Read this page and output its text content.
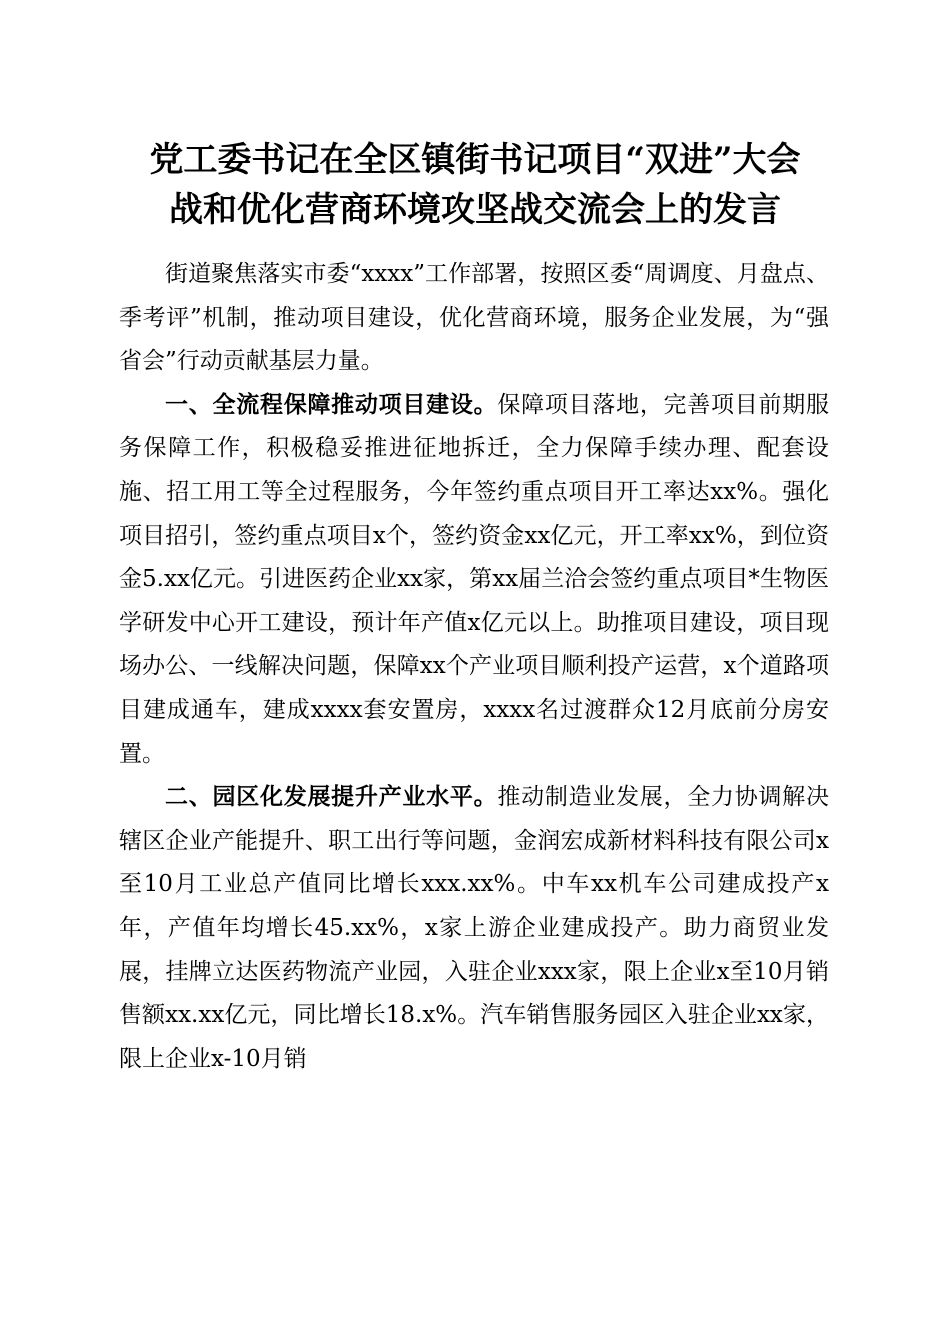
党工委书记在全区镇街书记项目“双进”大会
战和优化营商环境攻坚战交流会上的发言

街道聚焦落实市委“xxxx”工作部署，按照区委“周调度、月盘点、季考评”机制，推动项目建设，优化营商环境，服务企业发展，为“强省会”行动贡献基层力量。

一、全流程保障推动项目建设。保障项目落地，完善项目前期服务保障工作，积极稳妥推进征地拆迁，全力保障手续办理、配套设施、招工用工等全过程服务，今年签约重点项目开工率达xx%。强化项目招引，签约重点项目x个，签约资金xx亿元，开工率xx%，到位资金5.xx亿元。引进医药企业xx家，第xx届兰洽会签约重点项目*生物医学研发中心开工建设，预计年产值x亿元以上。助推项目建设，项目现场办公、一线解决问题，保障xx个产业项目顺利投产运营，x个道路项目建成通车，建成xxxx套安置房，xxxx名过渡群众12月底前分房安置。

二、园区化发展提升产业水平。推动制造业发展，全力协调解决辖区企业产能提升、职工出行等问题，金润宏成新材料科技有限公司x至10月工业总产值同比增长xxx.xx%。中车xx机车公司建成投产x年，产值年均增长45.xx%，x家上游企业建成投产。助力商贸业发展，挂牌立达医药物流产业园，入驻企业xxx家，限上企业x至10月销售额xx.xx亿元，同比增长18.x%。汽车销售服务园区入驻企业xx家，限上企业x-10月销
